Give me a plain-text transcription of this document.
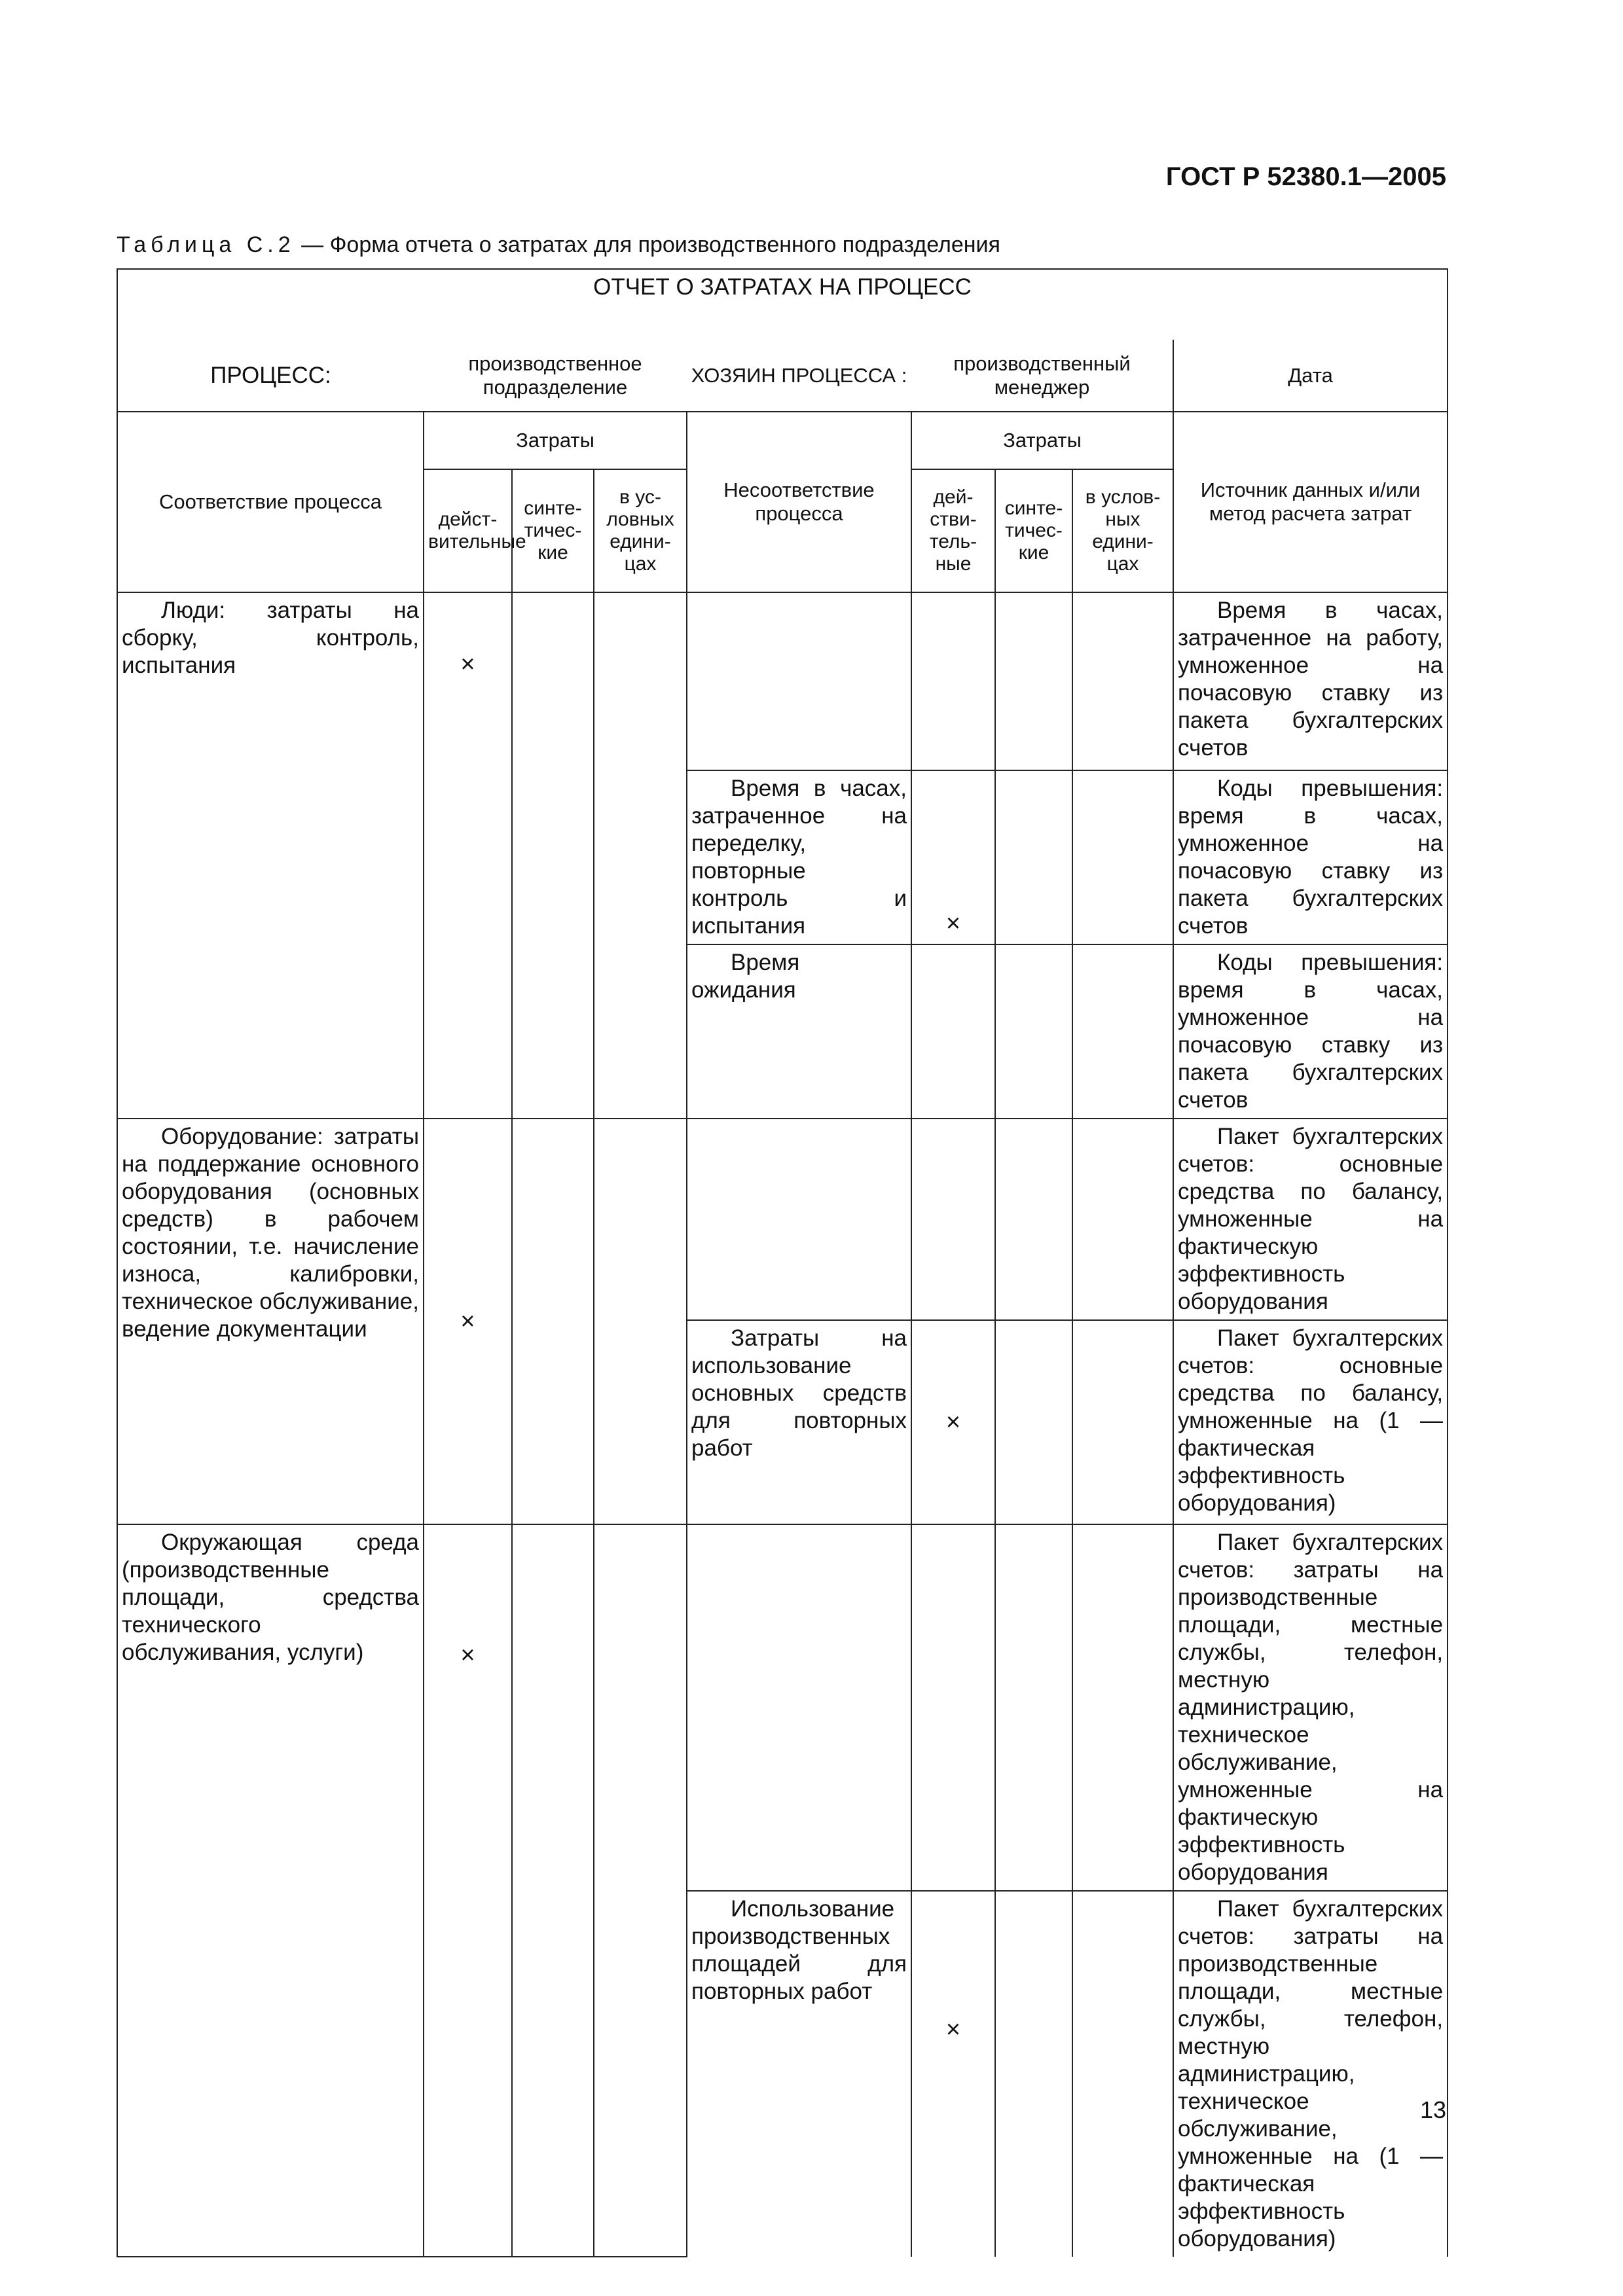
ГОСТ Р 52380.1—2005

Таблица С.2 — Форма отчета о затратах для производственного подразделения

ОТЧЕТ О ЗАТРАТАХ НА ПРОЦЕСС								
ПРОЦЕСС:	производственное подразделение			ХОЗЯИН ПРОЦЕССА :	производственный менеджер			Дата
Соответствие процесса	Затраты			Несоответствие процесса	Затраты			Источник данных и/или метод расчета затрат
	дейст-вительные	синте-тичес-кие	в ус-ловных едини-цах		дей-стви-тель-ные	синте-тичес-кие	в услов-ных едини-цах	
Люди: затраты на сборку, контроль, испытания	×							Время в часах, затраченное на работу, умноженное на почасовую ставку из пакета бухгалтерских счетов
				Время в часах, затраченное на переделку, повторные контроль и испытания	×			Коды превышения: время в часах, умноженное на почасовую ставку из пакета бухгалтерских счетов
				Время ожидания				Коды превышения: время в часах, умноженное на почасовую ставку из пакета бухгалтерских счетов
Оборудование: затраты на поддержание основного оборудования (основных средств) в рабочем состоянии, т.е. начисление износа, калибровки, техническое обслуживание, ведение документации	×							Пакет бухгалтерских счетов: основные средства по балансу, умноженные на фактическую эффективность оборудования
				Затраты на использование основных средств для повторных работ	×			Пакет бухгалтерских счетов: основные средства по балансу, умноженные на (1 — фактическая эффективность оборудования)
Окружающая среда (производственные площади, средства технического обслуживания, услуги)	×							Пакет бухгалтерских счетов: затраты на производственные площади, местные службы, телефон, местную администрацию, техническое обслуживание, умноженные на фактическую эффективность оборудования
				Использование производственных площадей для повторных работ	×			Пакет бухгалтерских счетов: затраты на производственные площади, местные службы, телефон, местную администрацию, техническое обслуживание, умноженные на (1 — фактическая эффективность оборудования)
13
